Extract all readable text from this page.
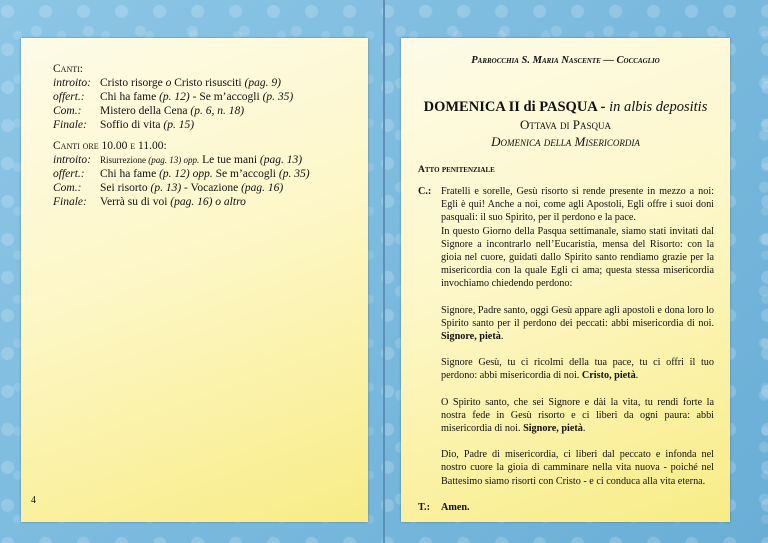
Canti:
introito: Cristo risorge o Cristo risusciti (pag. 9)
offert.:	Chi ha fame (p. 12) - Se m’accogli (p. 35)
Com.:	Mistero della Cena (p. 6, n. 18)
Finale:	Soffio di vita (p. 15)
Canti ore 10.00 e 11.00:
introito:	Risurrezione (pag. 13) opp. Le tue mani (pag. 13)
offert.:	Chi ha fame (p. 12) opp. Se m’accogli (p. 35)
Com.:	Sei risorto (p. 13) - Vocazione (pag. 16)
Finale:	Verrà su di voi (pag. 16) o altro
4
Parrocchia S. Maria Nascente — Coccaglio
DOMENICA II di PASQUA - in albis depositis
Ottava di Pasqua
Domenica della Misericordia
Atto penitenziale
C.: Fratelli e sorelle, Gesù risorto si rende presente in mezzo a noi: Egli è qui! Anche a noi, come agli Apostoli, Egli offre i suoi doni pasquali: il suo Spirito, per il perdono e la pace.

In questo Giorno della Pasqua settimanale, siamo stati invitati dal Signore a incontrarlo nell’Eucaristia, mensa del Risorto: con la gioia nel cuore, guidati dallo Spirito santo rendiamo grazie per la misericordia con la quale Egli ci ama; questa stessa misericordia invochiamo chiedendo perdono:

Signore, Padre santo, oggi Gesù appare agli apostoli e dona loro lo Spirito santo per il perdono dei peccati: abbi misericordia di noi. Signore, pietà.

Signore Gesù, tu ci ricolmi della tua pace, tu ci offri il tuo perdono: abbi misericordia di noi. Cristo, pietà.

O Spirito santo, che sei Signore e dài la vita, tu rendi forte la nostra fede in Gesù risorto e ci liberi da ogni paura: abbi misericordia di noi. Signore, pietà.

Dio, Padre di misericordia, ci liberi dal peccato e infonda nel nostro cuore la gioia di camminare nella vita nuova - poiché nel Battesimo siamo risorti con Cristo - e ci conduca alla vita eterna.

T.:	Amen.
